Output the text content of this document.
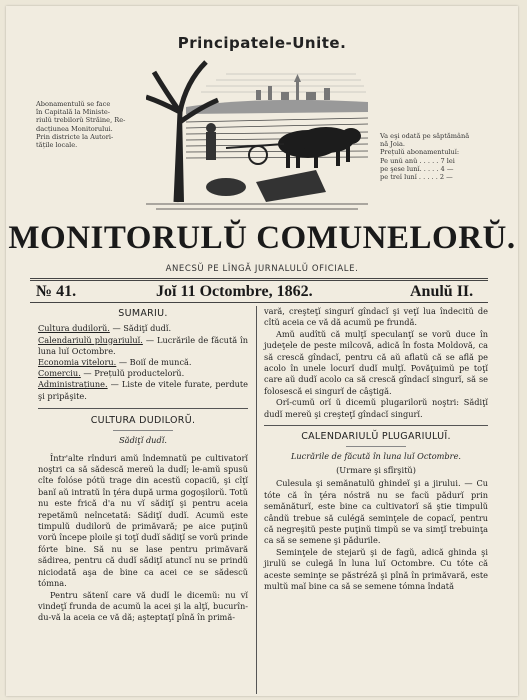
Principatele-Unite.
Abonamentulŭ se face
în Capitală la Ministe-
riulŭ trebilorŭ Străine, Re-
dacțiunea Monitorului.
Prin districte la Autori-
tățile locale.
Va eşi odată pe săptămână
nă Joia.
Prețulŭ abonamentuluĭ:
Pe unŭ anŭ . . . . . 7 lei
pe şese lunĭ. . . . . 4 —
pe treĭ lunĭ . . . . . 2 —
MONITORULŬ COMUNELORŬ.
ANECSŬ PE LÎNGĂ JURNALULŬ OFICIALE.
№ 41.	Joĭ 11 Octombre, 1862.	Anulŭ II.
SUMARIU.
Cultura dudilorŭ. — Sădiţĭ dudĭ.
Calendariulŭ plugariuluĭ. — Lucrările de făcută în luna luĭ Octombre.
Economia viteloru. — Boiĭ de muncă.
Comerciu. — Prețulŭ productelorŭ.
Administrațiune. — Liste de vitele furate, perdute şi pripăşite.
CULTURA DUDILORŬ.
Sădiţĭ dudĭ.

Într'alte rînduri amŭ îndemnatŭ pe cultivatorĭ noştri ca să sădescă mereŭ la dudĭ; le-amŭ spusŭ cîte folóse pótŭ trage din acestŭ copaciŭ, şi cîţĭ banĭ aŭ intratŭ în ţéra după urma gogoşilorŭ. Totŭ nu este frică d'a nu vĭ sădiţĭ şi pentru aceia repetămŭ neîncetată: Sădiţĭ dudĭ. Acumŭ este timpulŭ dudilorŭ de primăvară; pe aice puţinŭ vorŭ începe ploile şi toţĭ dudĭ sădiţĭ se vorŭ prinde fórte bine. Să nu se lase pentru primăvară sădirea, pentru că dudĭ sădiţĭ atuncĭ nu se prindŭ niciodată aşa de bine ca acei ce se sădescŭ tómna.

Pentru sătenĭ care vă dudĭ le dicemŭ: nu vĭ vindeţĭ frunda de acumŭ la acei şi la alţĭ, bucurîn-du-vă la aceia ce vă dă; aşteptaţĭ pînă în primă-

vară, creşteţĭ singurĭ gîndacĭ şi veţĭ lua îndecitŭ de cîtŭ aceia ce vă dă acumŭ pe frundă.

Amŭ audîtŭ că mulţĭ speculanţĭ se vorŭ duce în judeţele de peste milcovă, adică în fosta Moldovă, ca să crescă gîndacĭ, pentru că aŭ aflatŭ că se află pe acolo în unele locurĭ dudĭ mulţĭ. Povăţuimŭ pe toţĭ care aŭ dudĭ acolo ca să crescă gîndacĭ singurĭ, să se folosescă ei singurĭ de câştigă.

Orĭ-cumŭ orĭ ŭ dicemŭ plugarilorŭ noştri: Sădiţĭ dudĭ mereŭ şi creşteţĭ gîndacĭ singurĭ.

CALENDARIULŬ PLUGARIULUĬ.
Lucrările de făcută în luna luĭ Octombre.
(Urmare şi sfîrşitŭ)

Culesula şi semănatulŭ ghindeĭ şi a jirului. — Cu tóte că în ţéra nóstră nu se facŭ pădurĭ prin semănăturĭ, este bine ca cultivatorĭ să ştie timpulŭ cândŭ trebue să culégă seminţele de copacĭ, pentru că negreşitŭ peste puţinŭ timpŭ se va simţĭ trebuinţa ca să se semene şi pădurile.

Seminţele de stejarŭ şi de fagŭ, adică ghinda şi jirulŭ se culegă în luna luĭ Octombre. Cu tóte că aceste seminţe se păstréză şi pînă în primăvară, este multŭ maĭ bine ca să se semene tómna îndată
